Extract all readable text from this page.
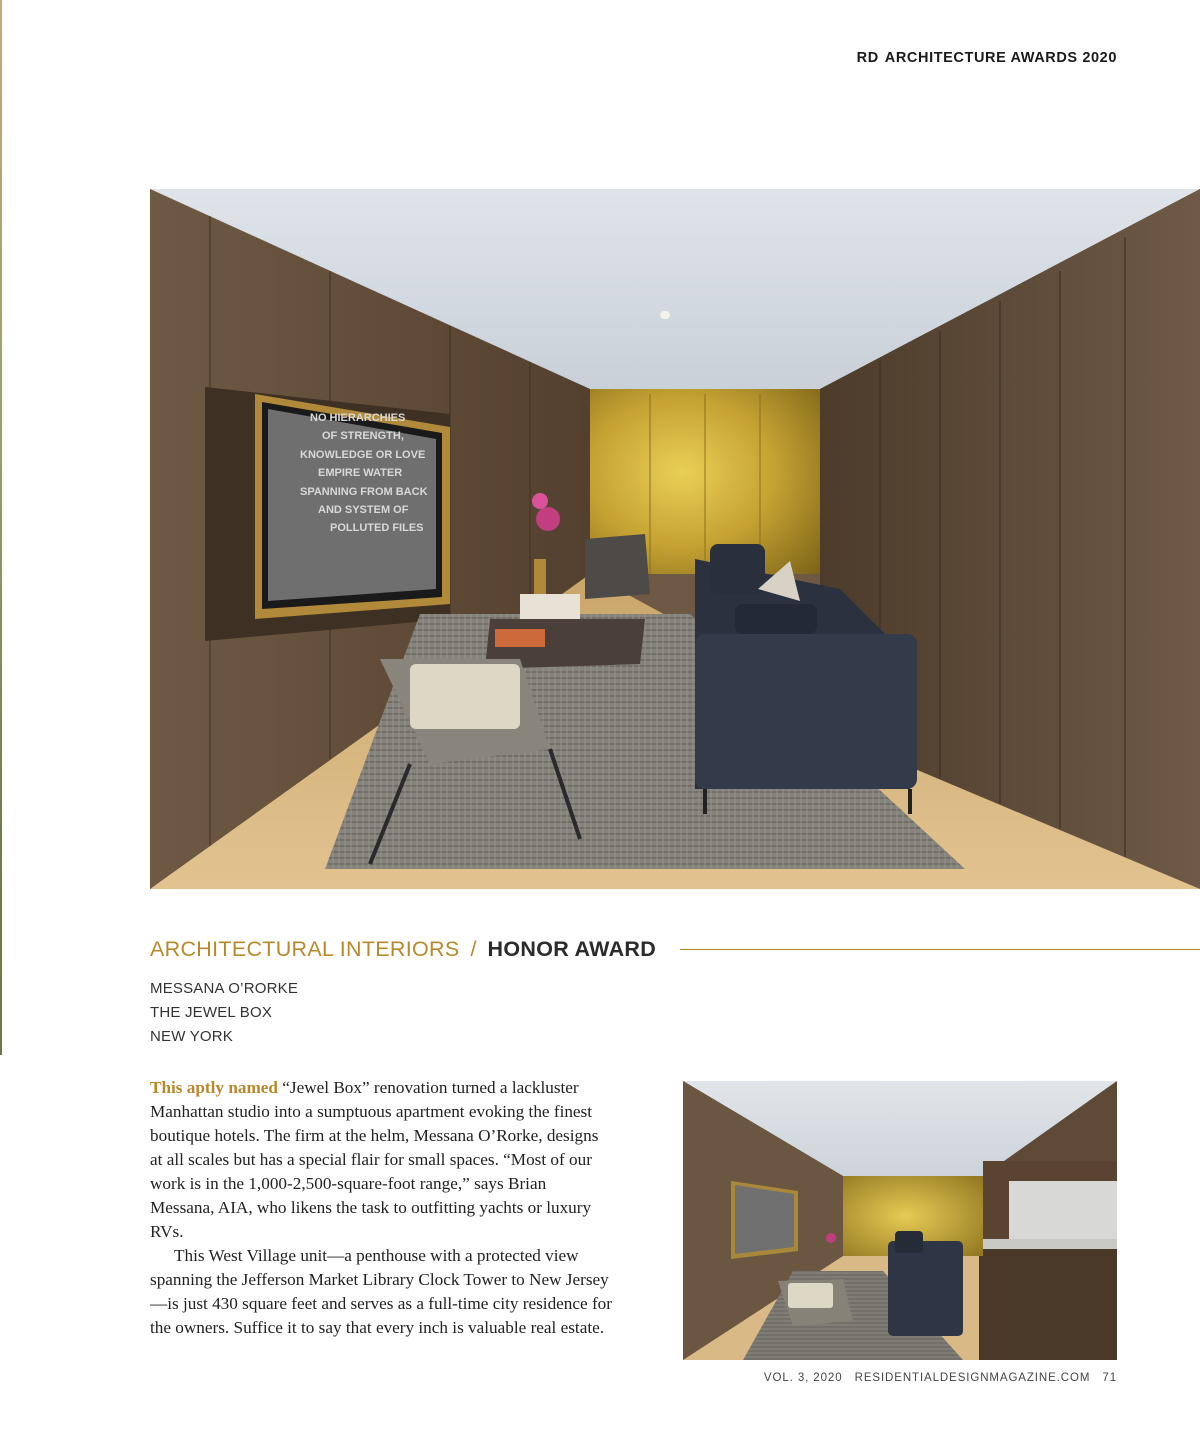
RD ARCHITECTURE AWARDS 2020
NO HIERARCHIES
OF STRENGTH,
KNOWLEDGE OR LOVE
EMPIRE WATER
SPANNING FROM BACK
AND SYSTEM OF
POLLUTED FILES
ARCHITECTURAL INTERIORS / HONOR AWARD
MESSANA O’RORKE
THE JEWEL BOX
NEW YORK

This aptly named “Jewel Box” renovation turned a lackluster Manhattan studio into a sumptuous apartment evoking the finest boutique hotels. The firm at the helm, Messana O’Rorke, designs at all scales but has a special flair for small spaces. “Most of our work is in the 1,000-2,500-square-foot range,” says Brian Messana, AIA, who likens the task to outfitting yachts or luxury RVs.

This West Village unit—a penthouse with a protected view spanning the Jefferson Market Library Clock Tower to New Jersey—is just 430 square feet and serves as a full-time city residence for the owners. Suffice it to say that every inch is valuable real estate.

VOL. 3, 2020 RESIDENTIALDESIGNMAGAZINE.COM 71
